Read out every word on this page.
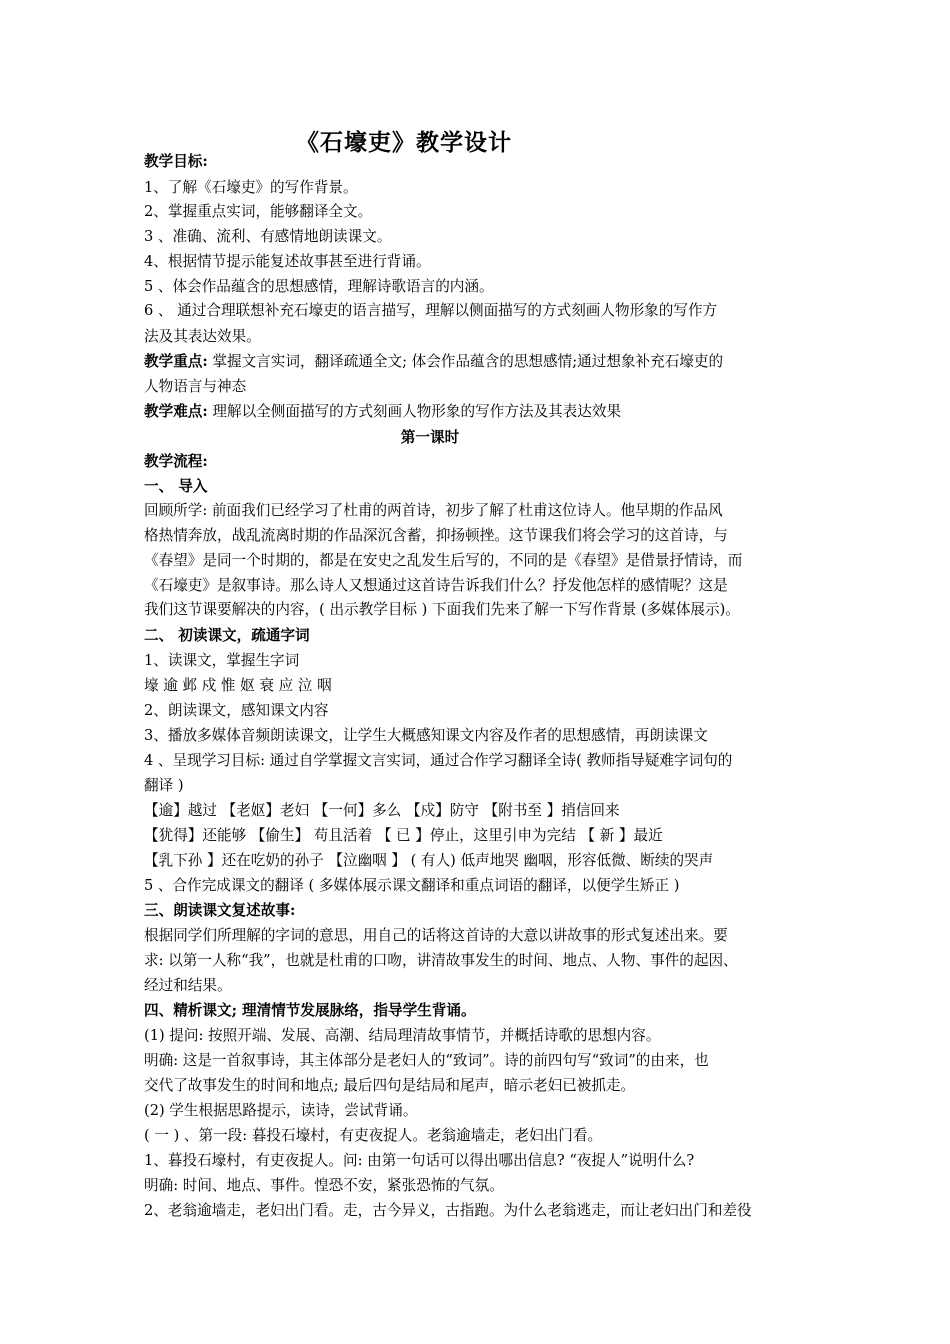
《石壕吏》教学设计
教学目标:
1、了解《石壕吏》的写作背景。
2、掌握重点实词，能够翻译全文。
3 、准确、流利、有感情地朗读课文。
4、根据情节提示能复述故事甚至进行背诵。
5 、体会作品蕴含的思想感情，理解诗歌语言的内涵。
6 、 通过合理联想补充石壕吏的语言描写，理解以侧面描写的方式刻画人物形象的写作方
法及其表达效果。
教学重点: 掌握文言实词，翻译疏通全文; 体会作品蕴含的思想感情;通过想象补充石壕吏的
人物语言与神态
教学难点: 理解以全侧面描写的方式刻画人物形象的写作方法及其表达效果
第一课时
教学流程:
一、 导入
回顾所学: 前面我们已经学习了杜甫的两首诗，初步了解了杜甫这位诗人。他早期的作品风
格热情奔放，战乱流离时期的作品深沉含蓄，抑扬顿挫。这节课我们将会学习的这首诗，与
《春望》是同一个时期的，都是在安史之乱发生后写的，不同的是《春望》是借景抒情诗，而
《石壕吏》是叙事诗。那么诗人又想通过这首诗告诉我们什么？抒发他怎样的感情呢？这是
我们这节课要解决的内容，( 出示教学目标 ) 下面我们先来了解一下写作背景 (多媒体展示)。
二、 初读课文，疏通字词
1、读课文，掌握生字词
壕 逾 邺 戍 惟 妪 衰 应 泣 咽
2、朗读课文，感知课文内容
3、播放多媒体音频朗读课文，让学生大概感知课文内容及作者的思想感情，再朗读课文
4 、呈现学习目标: 通过自学掌握文言实词，通过合作学习翻译全诗( 教师指导疑难字词句的
翻译 )
【逾】越过 【老妪】老妇 【一何】多么 【戍】防守 【附书至 】捎信回来
【犹得】还能够 【偷生】 苟且活着 【 已 】停止，这里引申为完结 【 新 】最近
【乳下孙 】还在吃奶的孙子 【泣幽咽 】 ( 有人) 低声地哭 幽咽，形容低微、断续的哭声
5 、合作完成课文的翻译 ( 多媒体展示课文翻译和重点词语的翻译，以便学生矫正 )
三、朗读课文复述故事:
根据同学们所理解的字词的意思，用自己的话将这首诗的大意以讲故事的形式复述出来。要
求: 以第一人称“我”，也就是杜甫的口吻，讲清故事发生的时间、地点、人物、事件的起因、
经过和结果。
四、精析课文; 理清情节发展脉络，指导学生背诵。
(1) 提问: 按照开端、发展、高潮、结局理清故事情节，并概括诗歌的思想内容。
明确: 这是一首叙事诗，其主体部分是老妇人的“致词”。诗的前四句写“致词”的由来，也
交代了故事发生的时间和地点; 最后四句是结局和尾声，暗示老妇已被抓走。
(2) 学生根据思路提示，读诗，尝试背诵。
( 一 ) 、第一段: 暮投石壕村，有吏夜捉人。老翁逾墙走，老妇出门看。
1、暮投石壕村，有吏夜捉人。问: 由第一句话可以得出哪出信息? “夜捉人”说明什么?
明确: 时间、地点、事件。惶恐不安，紧张恐怖的气氛。
2、老翁逾墙走，老妇出门看。走，古今异义，古指跑。为什么老翁逃走，而让老妇出门和差役
